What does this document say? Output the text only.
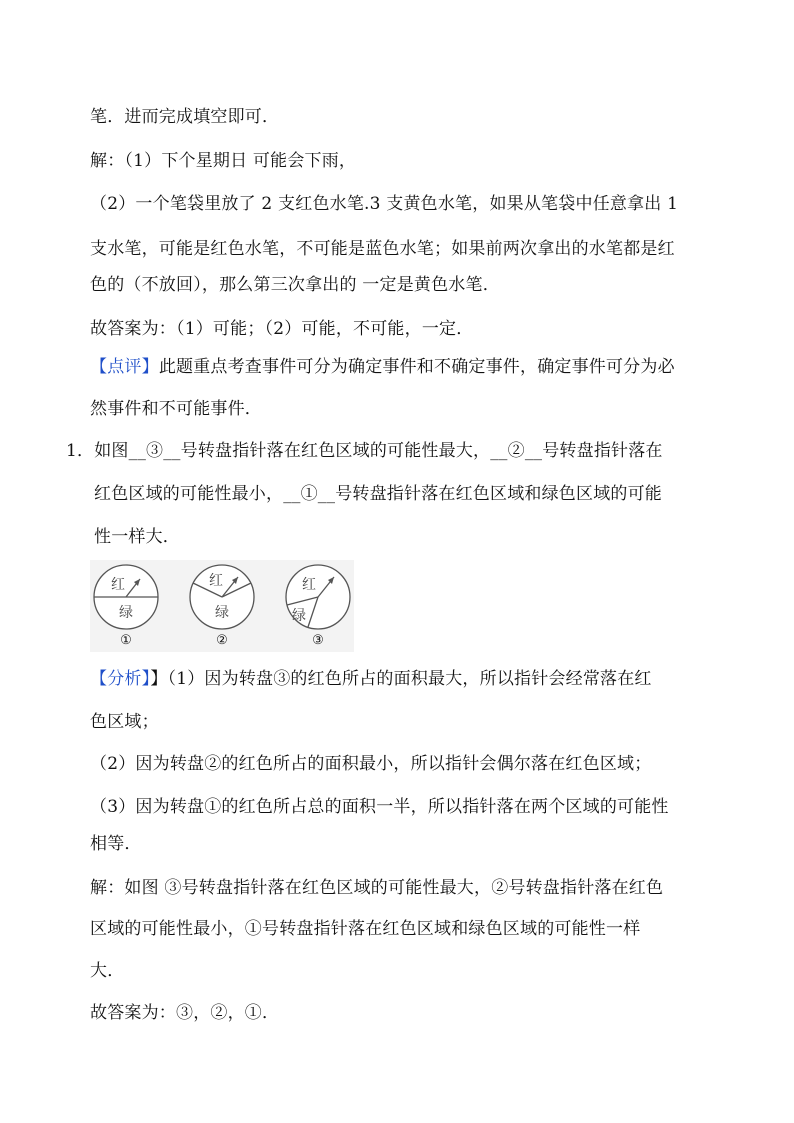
笔．进而完成填空即可．
解：（1）下个星期日 可能会下雨，
（2）一个笔袋里放了 2 支红色水笔.3 支黄色水笔，如果从笔袋中任意拿出 1
支水笔，可能是红色水笔，不可能是蓝色水笔；如果前两次拿出的水笔都是红
色的（不放回），那么第三次拿出的 一定是黄色水笔．
故答案为：（1）可能；（2）可能，不可能，一定．
【点评】此题重点考查事件可分为确定事件和不确定事件，确定事件可分为必
然事件和不可能事件．
1．如图__③__号转盘指针落在红色区域的可能性最大，__②__号转盘指针落在
红色区域的可能性最小，__①__号转盘指针落在红色区域和绿色区域的可能
性一样大．
红
绿
①
红
绿
②
红
绿
③
【分析】】（1）因为转盘③的红色所占的面积最大，所以指针会经常落在红
色区域；
（2）因为转盘②的红色所占的面积最小，所以指针会偶尔落在红色区域；
（3）因为转盘①的红色所占总的面积一半，所以指针落在两个区域的可能性
相等．
解：如图 ③号转盘指针落在红色区域的可能性最大，②号转盘指针落在红色
区域的可能性最小，①号转盘指针落在红色区域和绿色区域的可能性一样
大．
故答案为：③，②，①．
